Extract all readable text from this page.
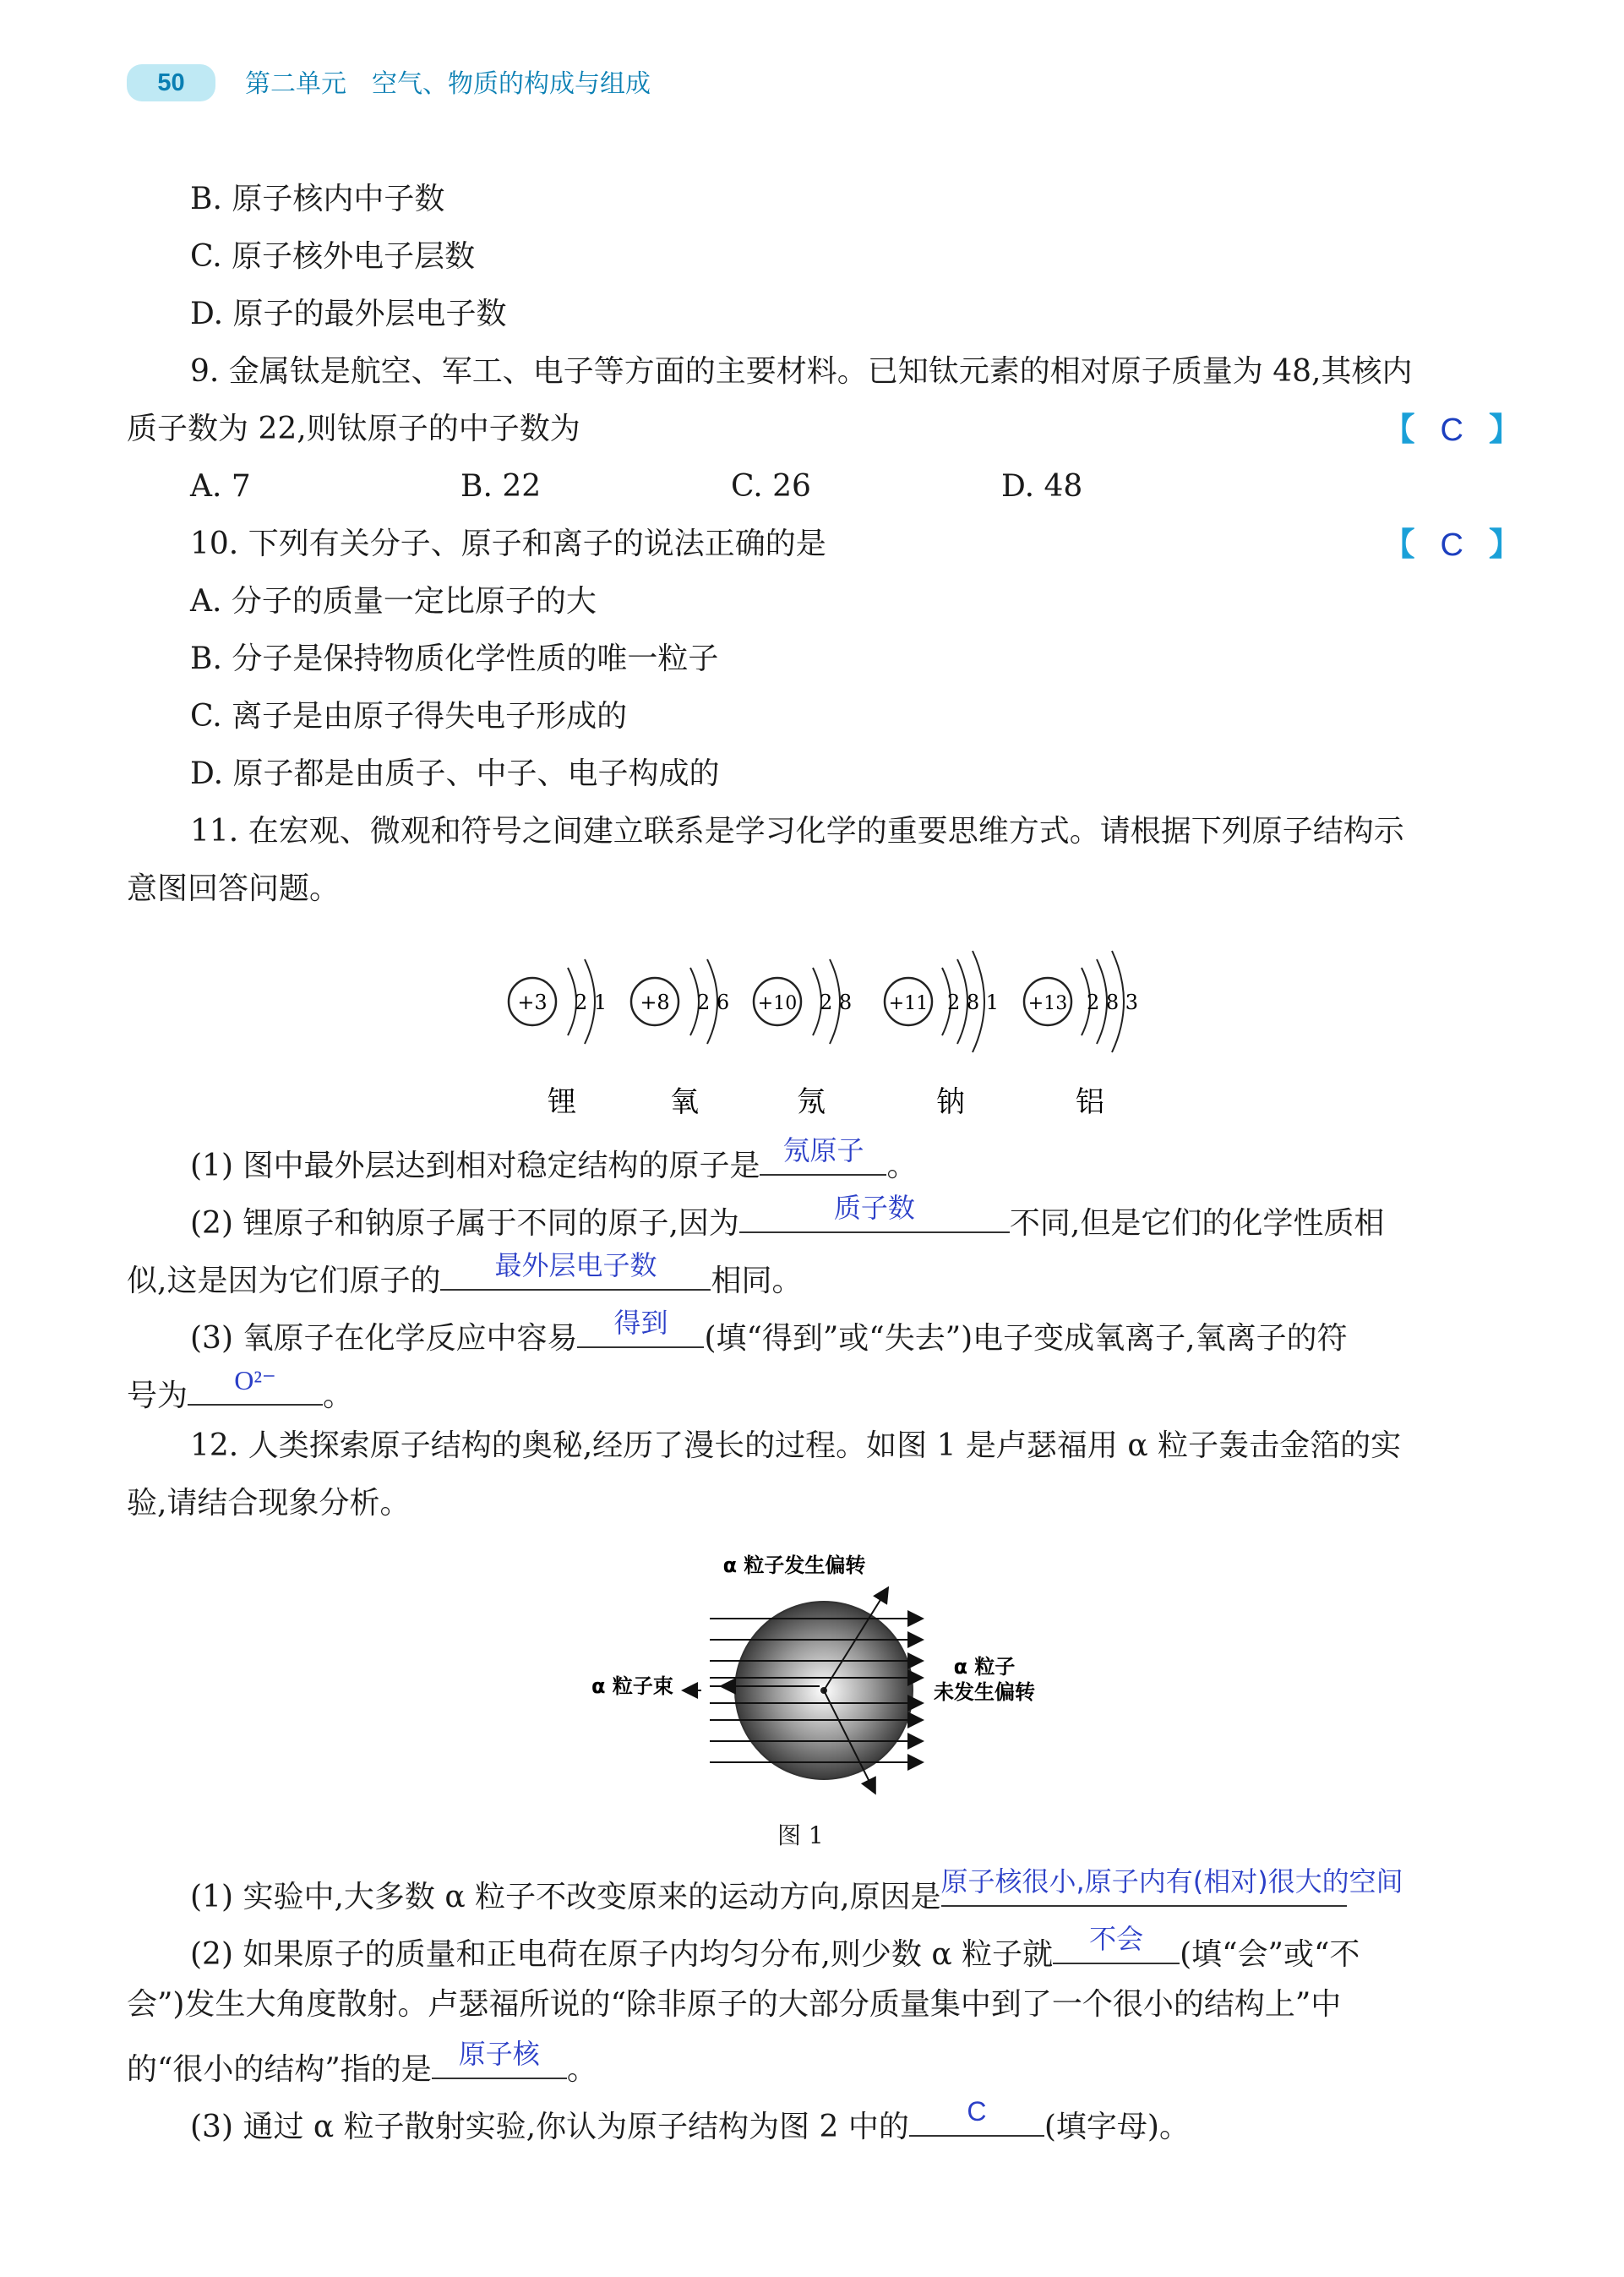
50	第二单元 空气、物质的构成与组成
B. 原子核内中子数
C. 原子核外电子层数
D. 原子的最外层电子数
9. 金属钛是航空、军工、电子等方面的主要材料。已知钛元素的相对原子质量为 48,其核内
质子数为 22,则钛原子的中子数为	【 C 】
A. 7	B. 22	C. 26	D. 48
10. 下列有关分子、原子和离子的说法正确的是	【 C 】
A. 分子的质量一定比原子的大
B. 分子是保持物质化学性质的唯一粒子
C. 离子是由原子得失电子形成的
D. 原子都是由质子、中子、电子构成的
11. 在宏观、微观和符号之间建立联系是学习化学的重要思维方式。请根据下列原子结构示
意图回答问题。
+3 2 1
锂
+8 2 6
氧
+10 2 8
氖
+11 2 8 1
钠
+13 2 8 3
铝
(1) 图中最外层达到相对稳定结构的原子是 氖原子 。
(2) 锂原子和钠原子属于不同的原子,因为	质子数	不同,但是它们的化学性质相
似,这是因为它们原子的	最外层电子数	相同。
(3) 氧原子在化学反应中容易	得到	(填“得到”或“失去”)电子变成氧离子,氧离子的符
号为	O²⁻	。
12. 人类探索原子结构的奥秘,经历了漫长的过程。如图 1 是卢瑟福用 α 粒子轰击金箔的实
验,请结合现象分析。
α 粒子发生偏转
α 粒子束
α 粒子
未发生偏转
图 1
(1) 实验中,大多数 α 粒子不改变原来的运动方向,原因是 原子核很小,原子内有(相对)很大的空间
(2) 如果原子的质量和正电荷在原子内均匀分布,则少数 α 粒子就	不会	(填“会”或“不
会”)发生大角度散射。卢瑟福所说的“除非原子的大部分质量集中到了一个很小的结构上”中
的“很小的结构”指的是 原子核 。
(3) 通过 α 粒子散射实验,你认为原子结构为图 2 中的	C	(填字母)。
